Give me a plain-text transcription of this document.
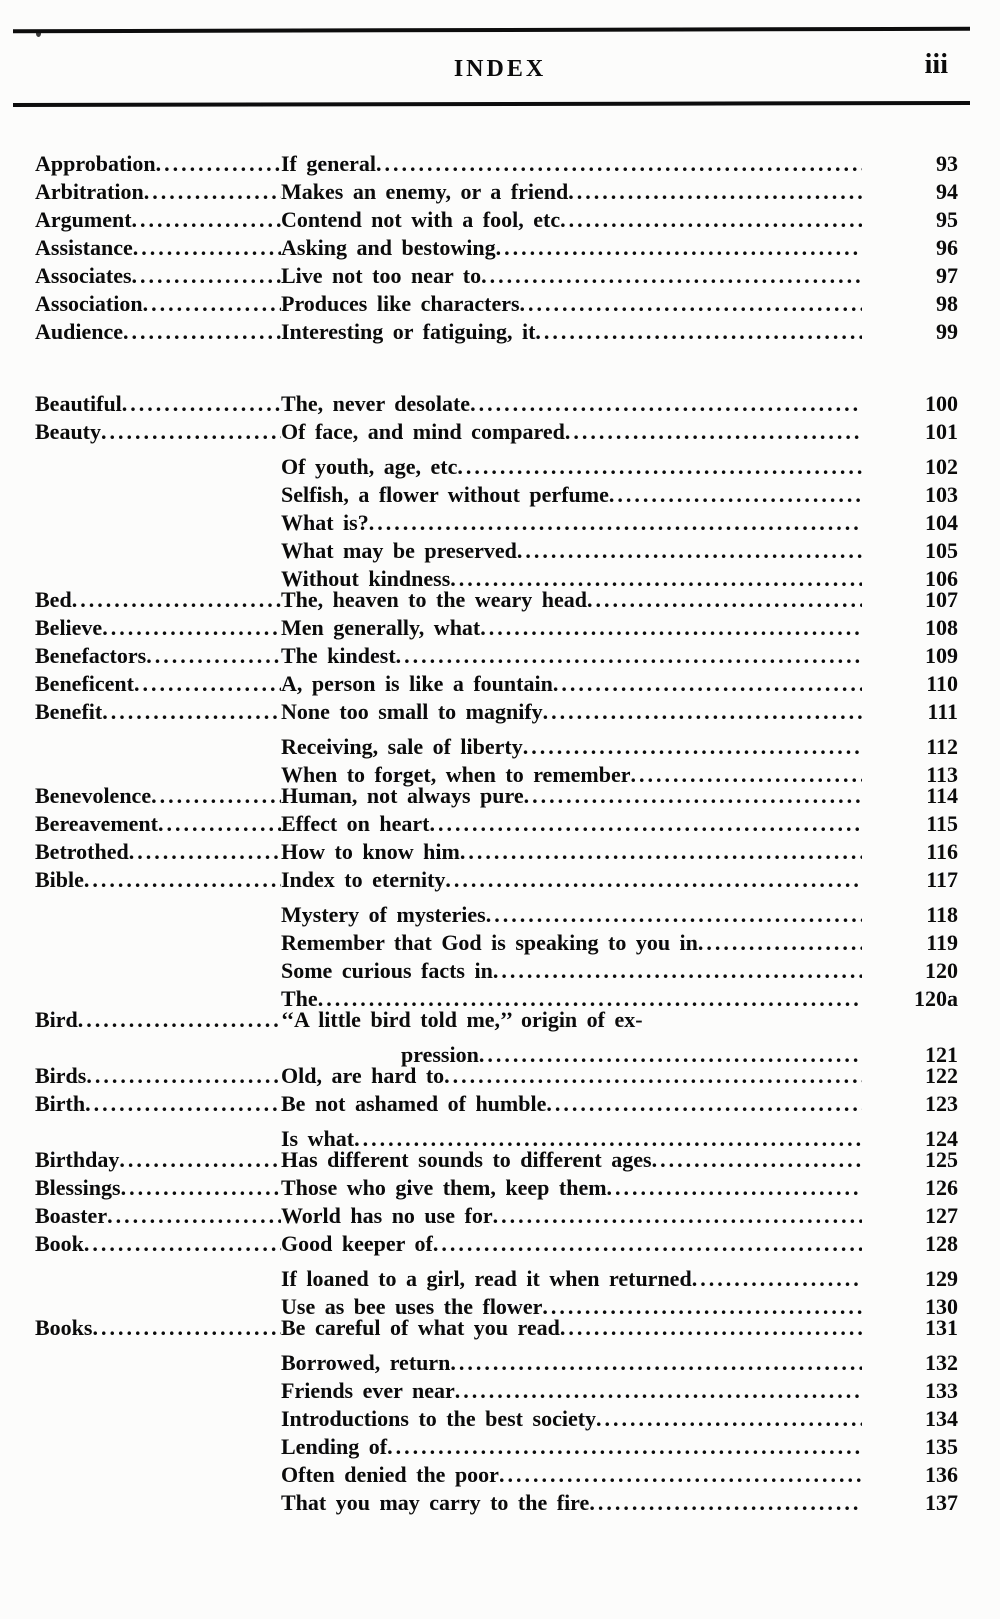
INDEX	iii
Approbation .....	If general .....	93
Arbitration .....	Makes an enemy, or a friend .....	94
Argument .....	Contend not with a fool, etc .....	95
Assistance .....	Asking and bestowing .....	96
Associates .....	Live not too near to .....	97
Association .....	Produces like characters .....	98
Audience .....	Interesting or fatiguing, it .....	99
Beautiful .....	The, never desolate .....	100
Beauty .....	Of face, and mind compared .....	101
Of youth, age, etc .....	102
Selfish, a flower without perfume .....	103
What is? .....	104
What may be preserved .....	105
Without kindness .....	106
Bed .....	The, heaven to the weary head .....	107
Believe .....	Men generally, what .....	108
Benefactors .....	The kindest .....	109
Beneficent .....	A, person is like a fountain .....	110
Benefit .....	None too small to magnify .....	111
Receiving, sale of liberty .....	112
When to forget, when to remember .....	113
Benevolence .....	Human, not always pure .....	114
Bereavement .....	Effect on heart .....	115
Betrothed .....	How to know him .....	116
Bible .....	Index to eternity .....	117
Mystery of mysteries .....	118
Remember that God is speaking to you in .....	119
Some curious facts in .....	120
The .....	120a
Bird .....	‘‘A little bird told me,’’ origin of ex-
pression .....	121
Birds .....	Old, are hard to .....	122
Birth .....	Be not ashamed of humble .....	123
Is what .....	124
Birthday .....	Has different sounds to different ages .....	125
Blessings .....	Those who give them, keep them .....	126
Boaster .....	World has no use for .....	127
Book .....	Good keeper of .....	128
If loaned to a girl, read it when returned .....	129
Use as bee uses the flower .....	130
Books .....	Be careful of what you read .....	131
Borrowed, return .....	132
Friends ever near .....	133
Introductions to the best society .....	134
Lending of .....	135
Often denied the poor .....	136
That you may carry to the fire .....	137
